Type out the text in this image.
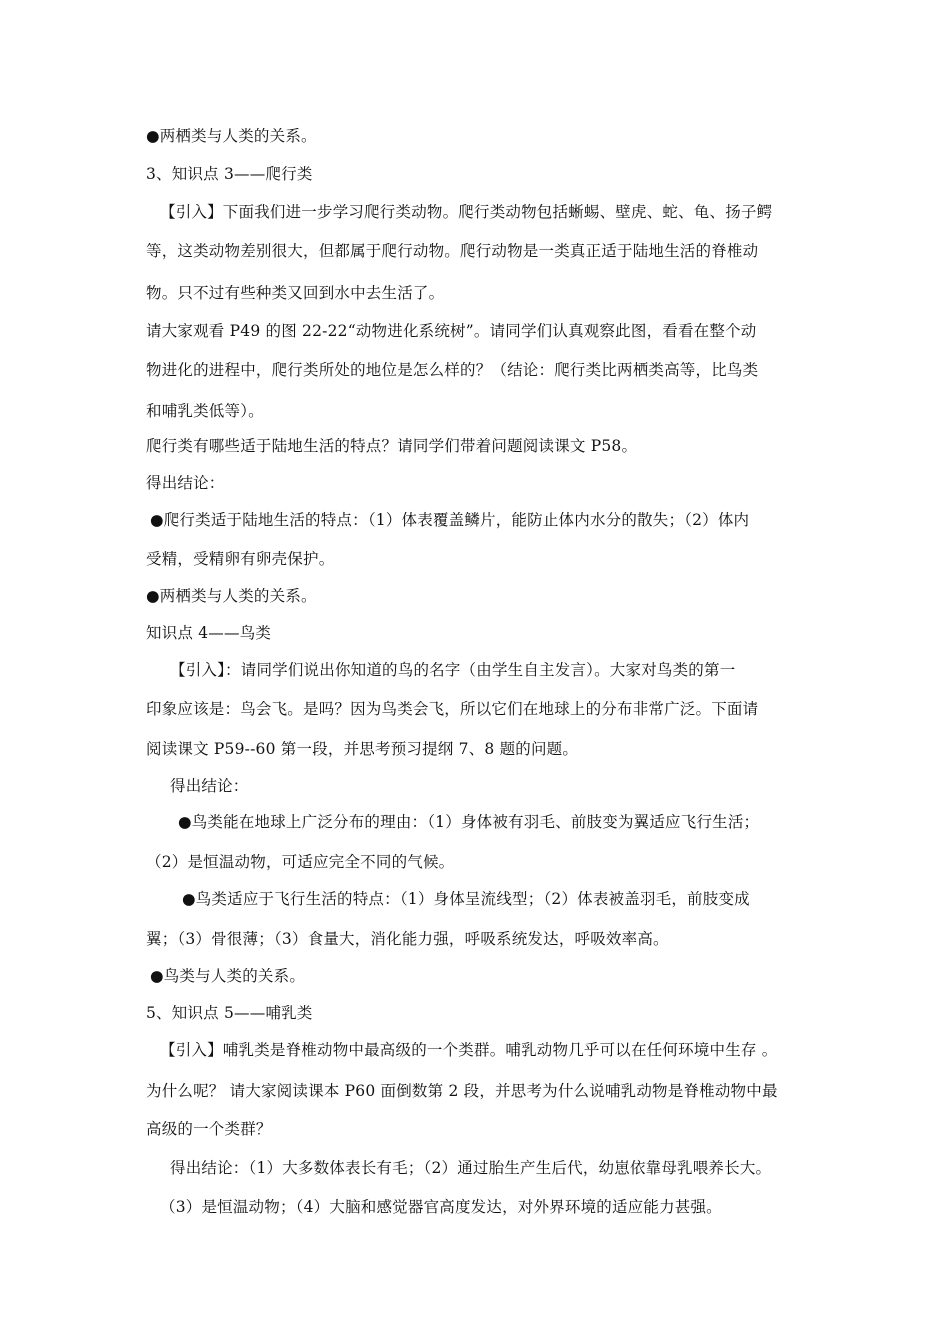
●两栖类与人类的关系。
3、知识点 3——爬行类
【引入】下面我们进一步学习爬行类动物。爬行类动物包括蜥蜴、壁虎、蛇、龟、扬子鳄
等，这类动物差别很大，但都属于爬行动物。爬行动物是一类真正适于陆地生活的脊椎动
物。只不过有些种类又回到水中去生活了。
请大家观看 P49 的图 22-22“动物进化系统树”。请同学们认真观察此图，看看在整个动
物进化的进程中，爬行类所处的地位是怎么样的？（结论：爬行类比两栖类高等，比鸟类
和哺乳类低等）。
爬行类有哪些适于陆地生活的特点？请同学们带着问题阅读课文 P58。
得出结论：
●爬行类适于陆地生活的特点：（1）体表覆盖鳞片，能防止体内水分的散失；（2）体内
受精，受精卵有卵壳保护。
●两栖类与人类的关系。
知识点 4——鸟类
【引入】：请同学们说出你知道的鸟的名字（由学生自主发言）。大家对鸟类的第一
印象应该是：鸟会飞。是吗？因为鸟类会飞，所以它们在地球上的分布非常广泛。下面请
阅读课文 P59--60 第一段，并思考预习提纲 7、8 题的问题。
得出结论：
●鸟类能在地球上广泛分布的理由：（1）身体被有羽毛、前肢变为翼适应飞行生活；
（2）是恒温动物，可适应完全不同的气候。
●鸟类适应于飞行生活的特点：（1）身体呈流线型；（2）体表被盖羽毛，前肢变成
翼；（3）骨很薄；（3）食量大，消化能力强，呼吸系统发达，呼吸效率高。
●鸟类与人类的关系。
5、知识点 5——哺乳类
【引入】哺乳类是脊椎动物中最高级的一个类群。哺乳动物几乎可以在任何环境中生存 。
为什么呢？ 请大家阅读课本 P60 面倒数第 2 段，并思考为什么说哺乳动物是脊椎动物中最
高级的一个类群？
得出结论：（1）大多数体表长有毛；（2）通过胎生产生后代，幼崽依靠母乳喂养长大。
（3）是恒温动物；（4）大脑和感觉器官高度发达，对外界环境的适应能力甚强。
